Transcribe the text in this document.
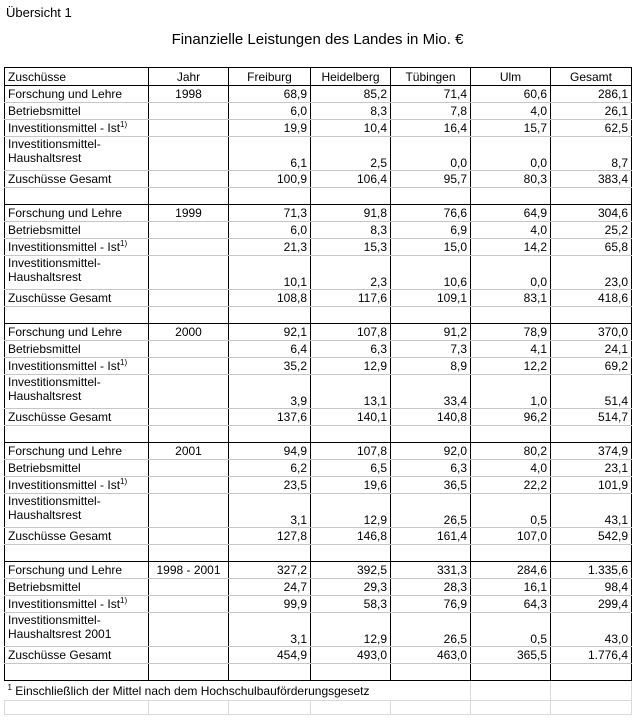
Übersicht 1
Finanzielle Leistungen des Landes in Mio. €
Zuschüsse	Jahr	Freiburg	Heidelberg	Tübingen	Ulm	Gesamt
Forschung und Lehre	1998	68,9	85,2	71,4	60,6	286,1
Betriebsmittel		6,0	8,3	7,8	4,0	26,1
Investitionsmittel - Ist$^{1)}$		19,9	10,4	16,4	15,7	62,5
Investitionsmittel-
Haushaltsrest		6,1	2,5	0,0	0,0	8,7
Zuschüsse Gesamt		100,9	106,4	95,7	80,3	383,4

Forschung und Lehre	1999	71,3	91,8	76,6	64,9	304,6
Betriebsmittel		6,0	8,3	6,9	4,0	25,2
Investitionsmittel - Ist$^{1)}$		21,3	15,3	15,0	14,2	65,8
Investitionsmittel-
Haushaltsrest		10,1	2,3	10,6	0,0	23,0
Zuschüsse Gesamt		108,8	117,6	109,1	83,1	418,6

Forschung und Lehre	2000	92,1	107,8	91,2	78,9	370,0
Betriebsmittel		6,4	6,3	7,3	4,1	24,1
Investitionsmittel - Ist$^{1)}$		35,2	12,9	8,9	12,2	69,2
Investitionsmittel-
Haushaltsrest		3,9	13,1	33,4	1,0	51,4
Zuschüsse Gesamt		137,6	140,1	140,8	96,2	514,7

Forschung und Lehre	2001	94,9	107,8	92,0	80,2	374,9
Betriebsmittel		6,2	6,5	6,3	4,0	23,1
Investitionsmittel - Ist$^{1)}$		23,5	19,6	36,5	22,2	101,9
Investitionsmittel-
Haushaltsrest		3,1	12,9	26,5	0,5	43,1
Zuschüsse Gesamt		127,8	146,8	161,4	107,0	542,9

Forschung und Lehre	1998 - 2001	327,2	392,5	331,3	284,6	1.335,6
Betriebsmittel		24,7	29,3	28,3	16,1	98,4
Investitionsmittel - Ist$^{1)}$		99,9	58,3	76,9	64,3	299,4
Investitionsmittel-
Haushaltsrest 2001		3,1	12,9	26,5	0,5	43,0
Zuschüsse Gesamt		454,9	493,0	463,0	365,5	1.776,4

$^1$ Einschließlich der Mittel nach dem Hochschulbauförderungsgesetz						
